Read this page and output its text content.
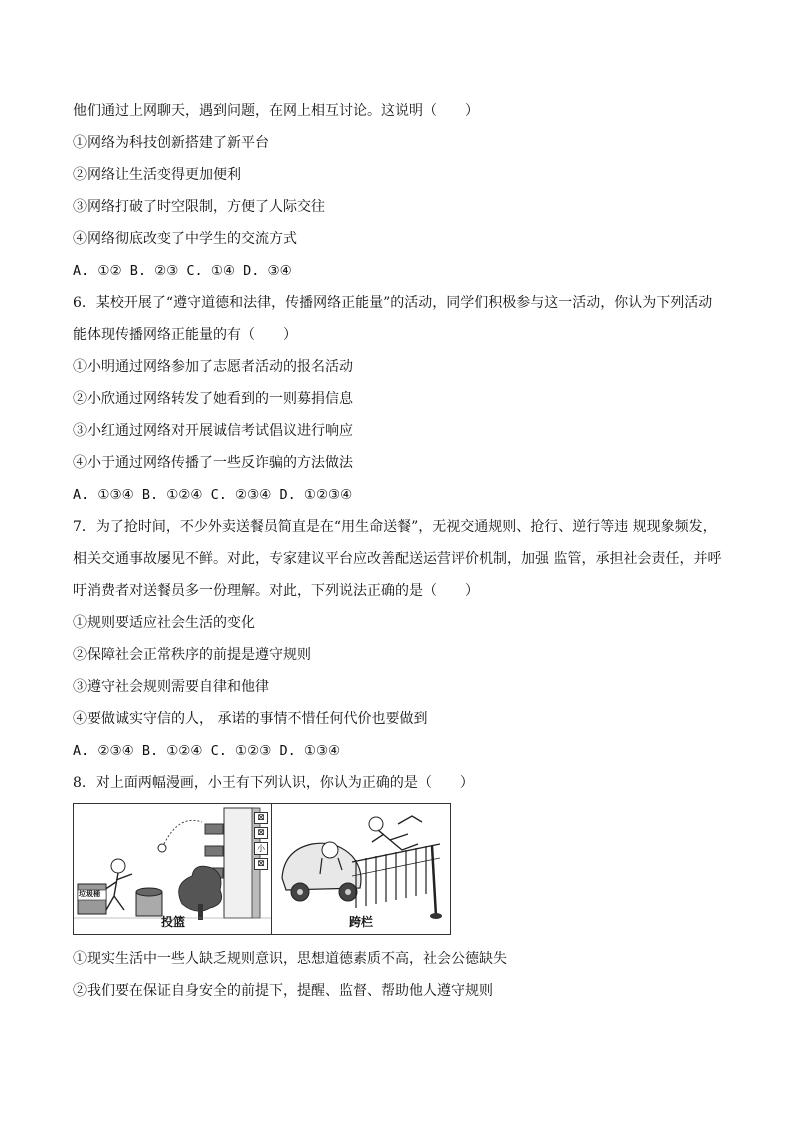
他们通过上网聊天，遇到问题，在网上相互讨论。这说明（　　）
①网络为科技创新搭建了新平台
②网络让生活变得更加便利
③网络打破了时空限制，方便了人际交往
④网络彻底改变了中学生的交流方式
A. ①② B. ②③ C. ①④ D. ③④
6．某校开展了“遵守道德和法律，传播网络正能量”的活动，同学们积极参与这一活动，你认为下列活动
能体现传播网络正能量的有（　　）
①小明通过网络参加了志愿者活动的报名活动
②小欣通过网络转发了她看到的一则募捐信息
③小红通过网络对开展诚信考试倡议进行响应
④小于通过网络传播了一些反诈骗的方法做法
A. ①③④ B. ①②④ C. ②③④ D. ①②③④
7．为了抢时间，不少外卖送餐员简直是在“用生命送餐”，无视交通规则、抢行、逆行等违 规现象频发，
相关交通事故屡见不鲜。对此，专家建议平台应改善配送运营评价机制，加强 监管，承担社会责任，并呼
吁消费者对送餐员多一份理解。对此，下列说法正确的是（　　）
①规则要适应社会生活的变化
②保障社会正常秩序的前提是遵守规则
③遵守社会规则需要自律和他律
④要做诚实守信的人， 承诺的事情不惜任何代价也要做到
A. ②③④ B. ①②④ C. ①②③ D. ①③④
8．对上面两幅漫画，小王有下列认识，你认为正确的是（　　）
垃圾桶
⊠
⊠
小
⊠
投篮	跨栏
①现实生活中一些人缺乏规则意识，思想道德素质不高，社会公德缺失
②我们要在保证自身安全的前提下，提醒、监督、帮助他人遵守规则
